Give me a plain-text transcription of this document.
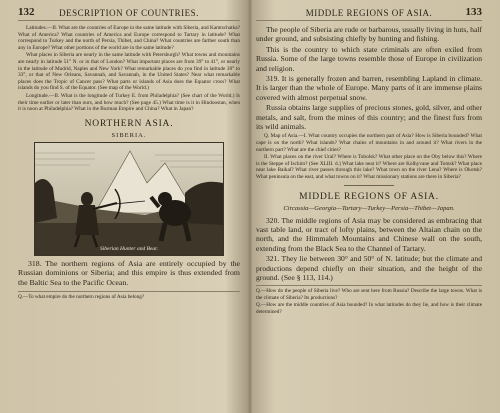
132	DESCRIPTION OF COUNTRIES.

Latitudes.—II. What are the countries of Europe in the same latitude with Siberia, and Kamtschatka? What of America? What countries of America and Europe correspond to Tartary in latitude? What correspond to Turkey and the north of Persia, Thibet, and China? What countries are farther south than any in Europe? What other portions of the world are in the same latitude?

What places in Siberia are nearly in the same latitude with Petersburgh? What towns and mountains are nearly in latitude 51° N. or in that of London? What important places are from 39° to 41°, or nearly in the latitude of Madrid, Naples and New York? What remarkable places do you find in latitude 30° to 33°, or that of New Orleans, Savannah, and Savannah, in the United States? Near what remarkable places does the Tropic of Cancer pass? What parts or islands of Asia does the Equator cross? What islands do you find S. of the Equator. (See map of the World.)

Longitude.—II. What is the longitude of Turkey E. from Philadelphia? (See chart of the World.) Is their time earlier or later than ours, and how much? (See page 45.) What time is it in Hindoostan, when it is noon at Philadelphia? What in the Burman Empire and China? What in Japan?

NORTHERN ASIA.
SIBERIA.
Siberian Hunter and Bear.

318. The northern regions of Asia are entirely occupied by the Russian dominions or Siberia; and this empire is thus extended from the Baltic Sea to the Pacific Ocean.

Q.—To what empire do the northern regions of Asia belong?

MIDDLE REGIONS OF ASIA.	133

The people of Siberia are rude or barbarous, usually living in huts, half under ground, and subsisting chiefly by hunting and fishing.

This is the country to which state criminals are often exiled from Russia. Some of the large towns resemble those of Europe in civilization and religion.

319. It is generally frozen and barren, resembling Lapland in climate. It is larger than the whole of Europe. Many parts of it are immense plains covered with almost perpetual snow.

Russia obtains large supplies of precious stones, gold, silver, and other metals, and salt, from the mines of this country; and the finest furs from its wild animals.

Q. Map of Asia.—I. What country occupies the northern part of Asia? How is Siberia bounded? What cape is on the north? What islands? What chains of mountains in and around it? What rivers in the northern part? What are the chief cities?

II. What places on the river Ural? Where is Tobolsk? What other place on the Oby below this? Where is the Steppe of Ischim? (See XLIII. d.) What lake near it? Where are Kolhyvane and Tomsk? What place near lake Baikal? What river passes through this lake? What town on the river Lena? Where is Okotsk? What peninsula on the east, and what towns on it? What missionary stations are there in Siberia?

MIDDLE REGIONS OF ASIA.
Circassia—Georgia—Tartary—Turkey—Persia—Thibet—Japan.

320. The middle regions of Asia may be considered as embracing that vast table land, or tract of lofty plains, between the Altaian chain on the north, and the Himmaleh Mountains and Chinese wall on the south, extending from the Black Sea to the Channel of Tartary.

321. They lie between 30° and 50° of N. latitude; but the climate and productions depend chiefly on their situation, and the height of the ground. (See § 113, 114.)

Q.—How do the people of Siberia live? Who are sent here from Russia? Describe the large towns. What is the climate of Siberia? Its productions?

Q.—How are the middle countries of Asia bounded? In what latitudes do they lie, and how is their climate determined?
